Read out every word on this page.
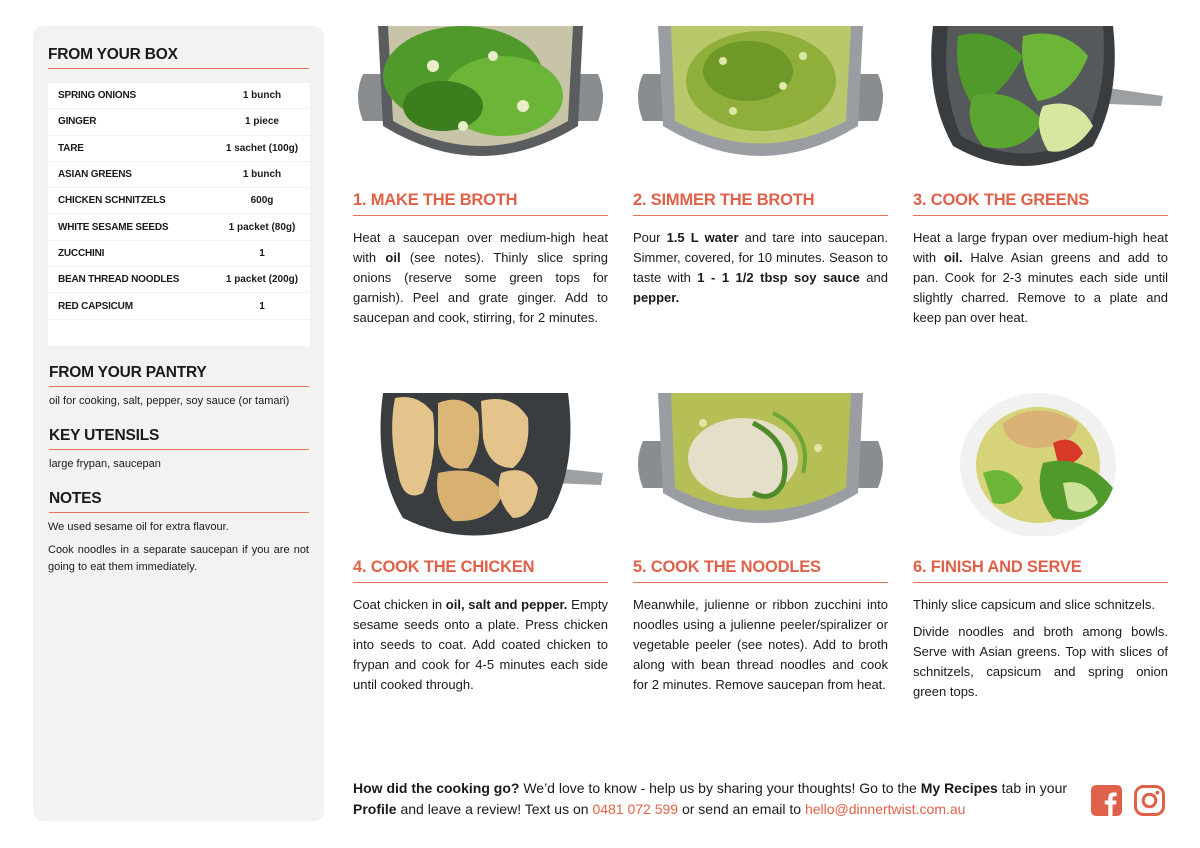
FROM YOUR BOX
SPRING ONIONS	1 bunch
GINGER	1 piece
TARE	1 sachet (100g)
ASIAN GREENS	1 bunch
CHICKEN SCHNITZELS	600g
WHITE SESAME SEEDS	1 packet (80g)
ZUCCHINI	1
BEAN THREAD NOODLES	1 packet (200g)
RED CAPSICUM	1
FROM YOUR PANTRY
oil for cooking, salt, pepper, soy sauce (or tamari)
KEY UTENSILS
large frypan, saucepan
NOTES

We used sesame oil for extra flavour.

Cook noodles in a separate saucepan if you are not going to eat them immediately.

1. MAKE THE BROTH

Heat a saucepan over medium-high heat with oil (see notes). Thinly slice spring onions (reserve some green tops for garnish). Peel and grate ginger. Add to saucepan and cook, stirring, for 2 minutes.

2. SIMMER THE BROTH

Pour 1.5 L water and tare into saucepan. Simmer, covered, for 10 minutes. Season to taste with 1 - 1 1/2 tbsp soy sauce and pepper.

3. COOK THE GREENS

Heat a large frypan over medium-high heat with oil. Halve Asian greens and add to pan. Cook for 2-3 minutes each side until slightly charred. Remove to a plate and keep pan over heat.

4. COOK THE CHICKEN

Coat chicken in oil, salt and pepper. Empty sesame seeds onto a plate. Press chicken into seeds to coat. Add coated chicken to frypan and cook for 4-5 minutes each side until cooked through.

5. COOK THE NOODLES

Meanwhile, julienne or ribbon zucchini into noodles using a julienne peeler/spiralizer or vegetable peeler (see notes). Add to broth along with bean thread noodles and cook for 2 minutes. Remove saucepan from heat.

6. FINISH AND SERVE

Thinly slice capsicum and slice schnitzels.

Divide noodles and broth among bowls. Serve with Asian greens. Top with slices of schnitzels, capsicum and spring onion green tops.

How did the cooking go? We’d love to know - help us by sharing your thoughts! Go to the My Recipes tab in your Profile and leave a review! Text us on 0481 072 599 or send an email to hello@dinnertwist.com.au
